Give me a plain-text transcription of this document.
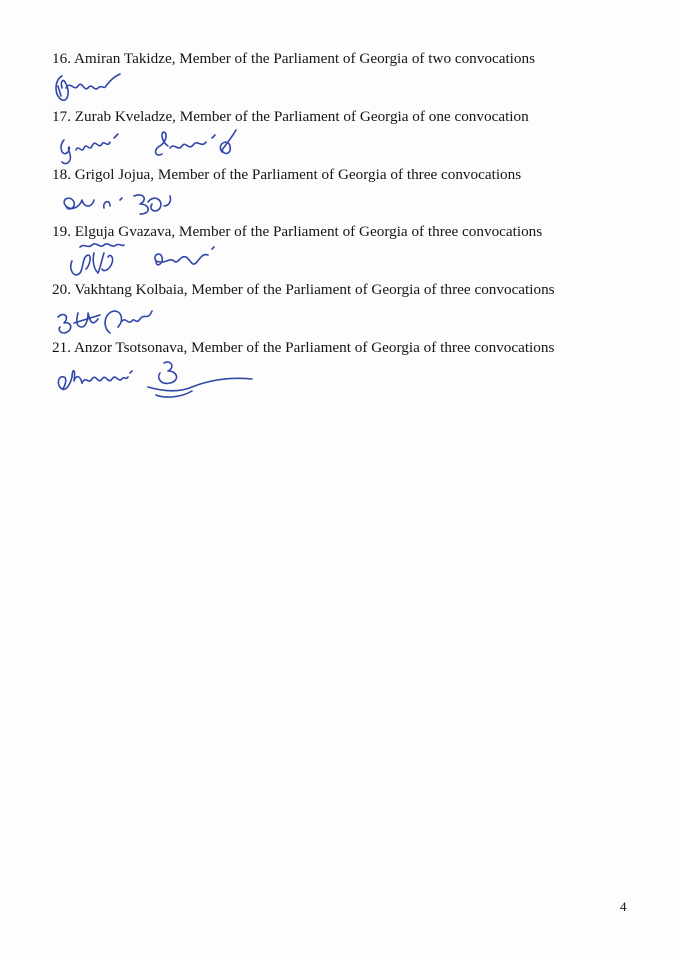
16. Amiran Takidze, Member of the Parliament of Georgia of two convocations
17. Zurab Kveladze, Member of the Parliament of Georgia of one convocation
18. Grigol Jojua, Member of the Parliament of Georgia of three convocations
19. Elguja Gvazava, Member of the Parliament of Georgia of three convocations
20. Vakhtang Kolbaia, Member of the Parliament of Georgia of three convocations
21. Anzor Tsotsonava, Member of the Parliament of Georgia of three convocations
4
